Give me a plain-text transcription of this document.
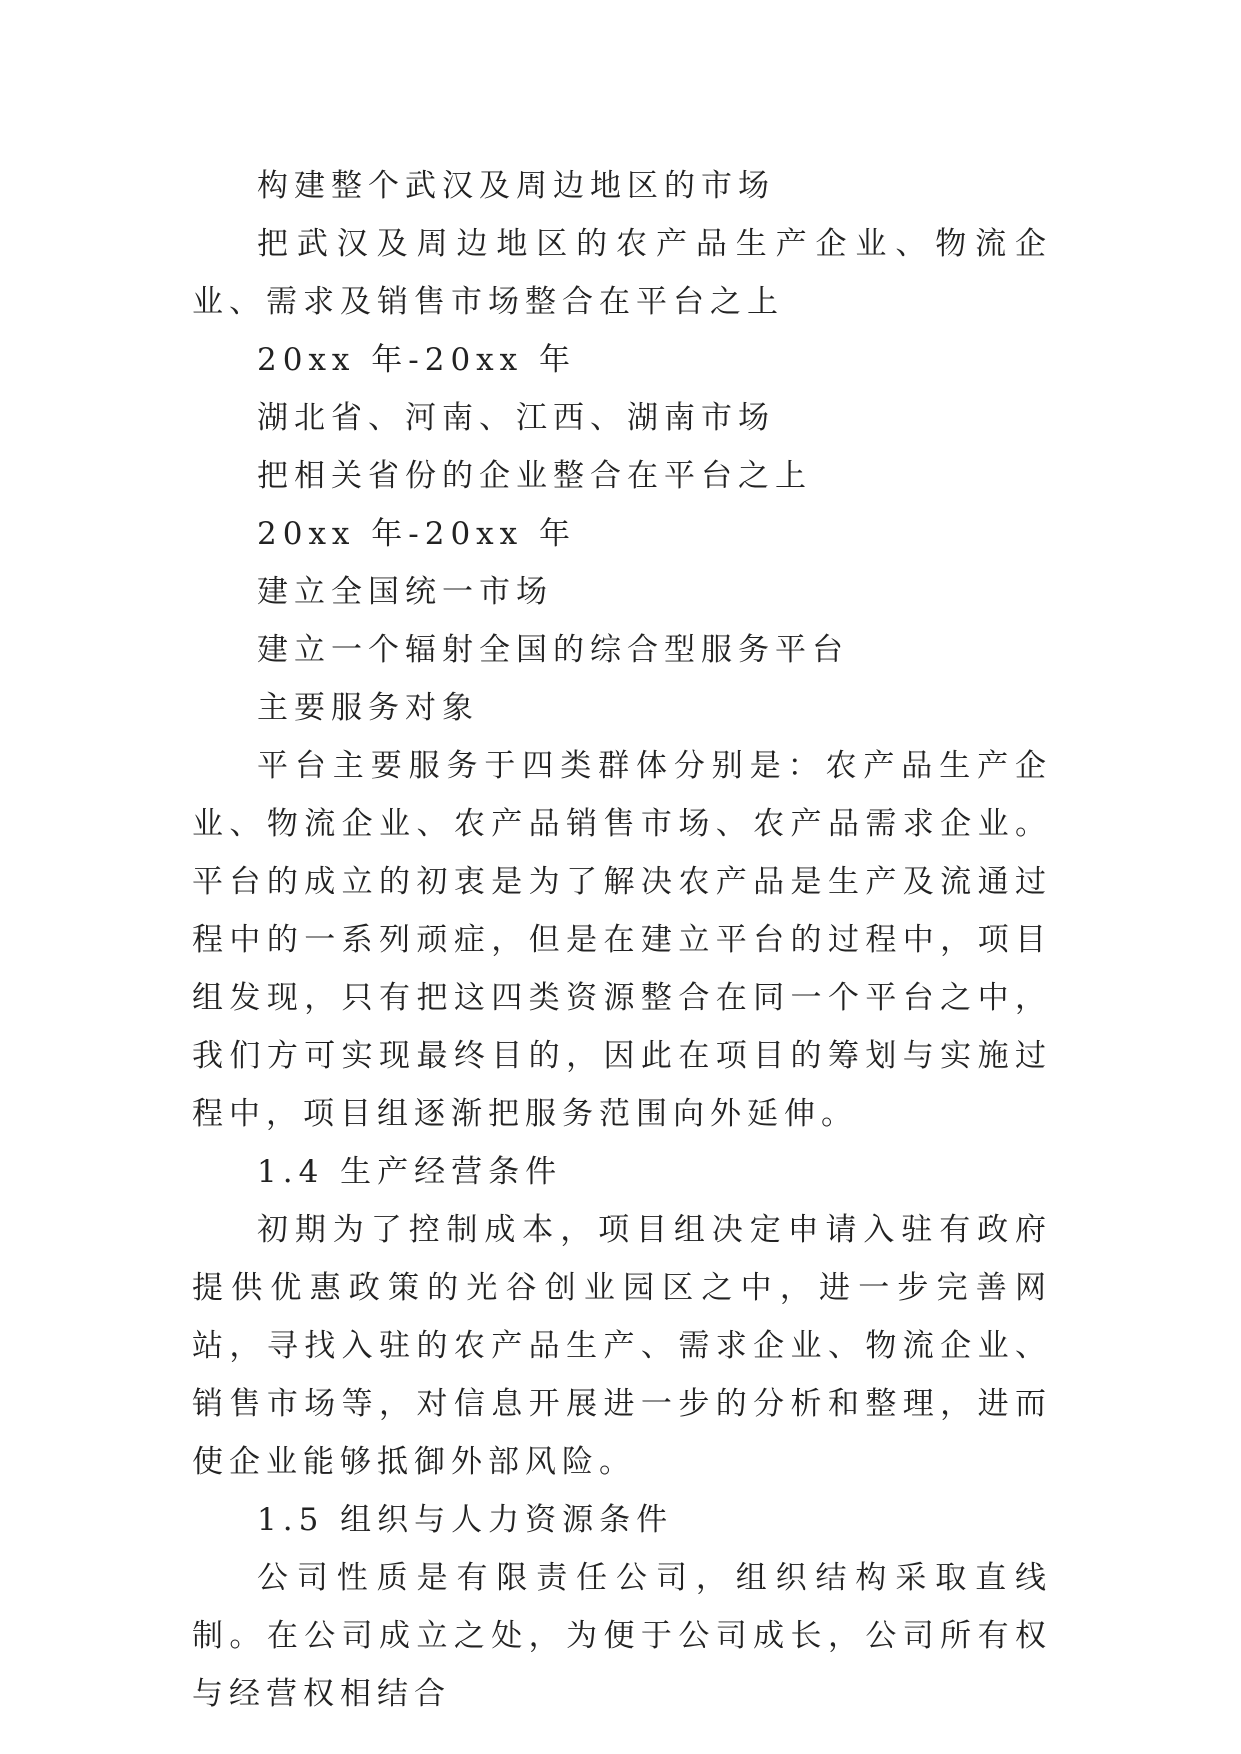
构建整个武汉及周边地区的市场

把武汉及周边地区的农产品生产企业、物流企业、需求及销售市场整合在平台之上

20xx 年-20xx 年

湖北省、河南、江西、湖南市场

把相关省份的企业整合在平台之上

20xx 年-20xx 年

建立全国统一市场

建立一个辐射全国的综合型服务平台

主要服务对象

平台主要服务于四类群体分别是：农产品生产企业、物流企业、农产品销售市场、农产品需求企业。平台的成立的初衷是为了解决农产品是生产及流通过程中的一系列顽症，但是在建立平台的过程中，项目组发现，只有把这四类资源整合在同一个平台之中，我们方可实现最终目的，因此在项目的筹划与实施过程中，项目组逐渐把服务范围向外延伸。

1.4 生产经营条件

初期为了控制成本，项目组决定申请入驻有政府提供优惠政策的光谷创业园区之中，进一步完善网站，寻找入驻的农产品生产、需求企业、物流企业、销售市场等，对信息开展进一步的分析和整理，进而使企业能够抵御外部风险。

1.5 组织与人力资源条件

公司性质是有限责任公司，组织结构采取直线制。在公司成立之处，为便于公司成长，公司所有权与经营权相结合
